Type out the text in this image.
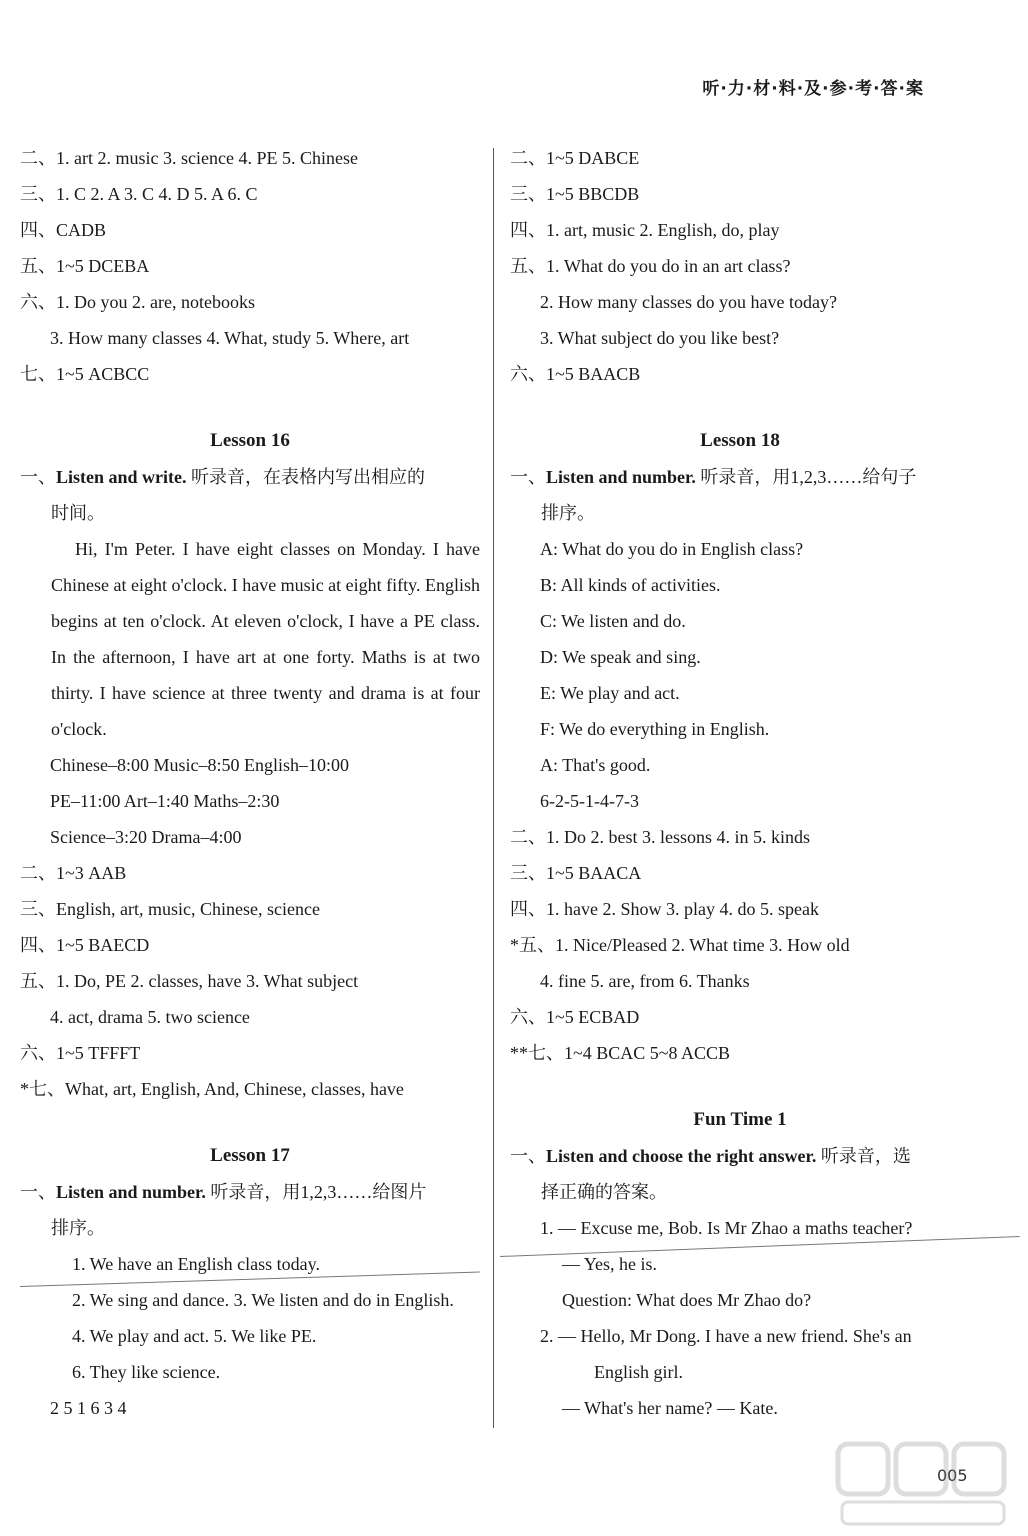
听·力·材·料·及·参·考·答·案
二、1. art 2. music 3. science 4. PE 5. Chinese
三、1. C 2. A 3. C 4. D 5. A 6. C
四、CADB
五、1~5 DCEBA
六、1. Do you 2. are, notebooks
3. How many classes 4. What, study 5. Where, art
七、1~5 ACBCC
Lesson 16
一、Listen and write. 听录音，在表格内写出相应的
时间。

Hi, I'm Peter. I have eight classes on Monday. I have Chinese at eight o'clock. I have music at eight fifty. English begins at ten o'clock. At eleven o'clock, I have a PE class. In the afternoon, I have art at one forty. Maths is at two thirty. I have science at three twenty and drama is at four o'clock.

Chinese–8:00 Music–8:50 English–10:00
PE–11:00 Art–1:40 Maths–2:30
Science–3:20 Drama–4:00
二、1~3 AAB
三、English, art, music, Chinese, science
四、1~5 BAECD
五、1. Do, PE 2. classes, have 3. What subject
4. act, drama 5. two science
六、1~5 TFFFT
*七、What, art, English, And, Chinese, classes, have
Lesson 17
一、Listen and number. 听录音，用1,2,3……给图片
排序。
1. We have an English class today.
2. We sing and dance. 3. We listen and do in English.
4. We play and act. 5. We like PE.
6. They like science.
2 5 1 6 3 4
二、1~5 DABCE
三、1~5 BBCDB
四、1. art, music 2. English, do, play
五、1. What do you do in an art class?
2. How many classes do you have today?
3. What subject do you like best?
六、1~5 BAACB
Lesson 18
一、Listen and number. 听录音，用1,2,3……给句子
排序。
A: What do you do in English class?
B: All kinds of activities.
C: We listen and do.
D: We speak and sing.
E: We play and act.
F: We do everything in English.
A: That's good.
6-2-5-1-4-7-3
二、1. Do 2. best 3. lessons 4. in 5. kinds
三、1~5 BAACA
四、1. have 2. Show 3. play 4. do 5. speak
*五、1. Nice/Pleased 2. What time 3. How old
4. fine 5. are, from 6. Thanks
六、1~5 ECBAD
**七、1~4 BCAC 5~8 ACCB
Fun Time 1
一、Listen and choose the right answer. 听录音，选
择正确的答案。
1. — Excuse me, Bob. Is Mr Zhao a maths teacher?
— Yes, he is.
Question: What does Mr Zhao do?
2. — Hello, Mr Dong. I have a new friend. She's an
English girl.
— What's her name? — Kate.
005
